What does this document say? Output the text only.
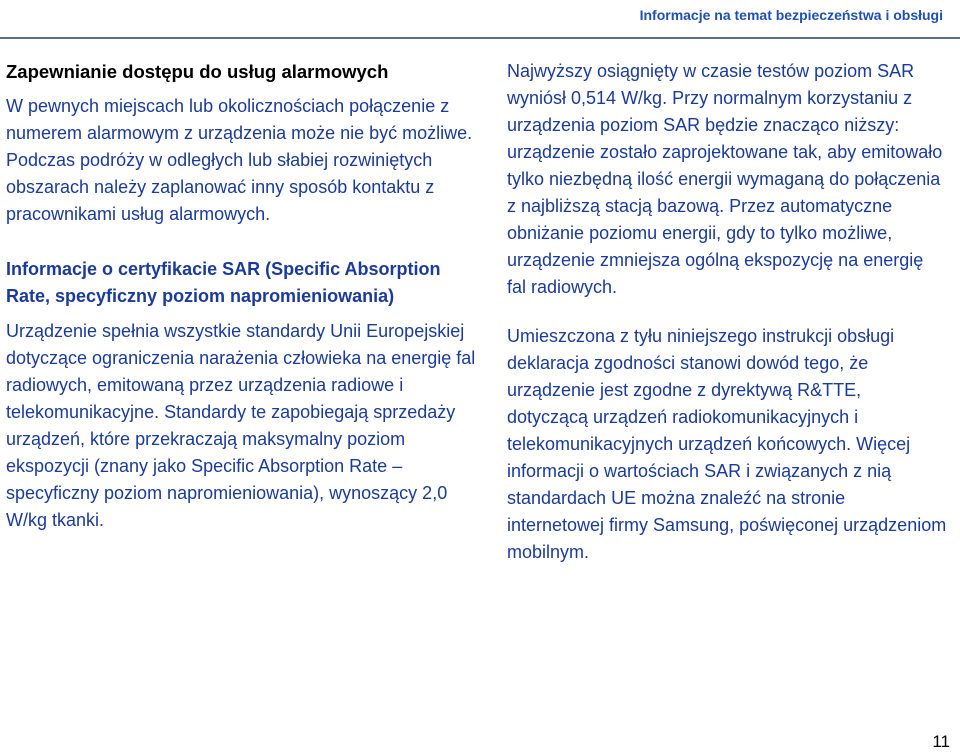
Informacje na temat bezpieczeństwa i obsługi
Zapewnianie dostępu do usług alarmowych

W pewnych miejscach lub okolicznościach połączenie z numerem alarmowym z urządzenia może nie być możliwe. Podczas podróży w odległych lub słabiej rozwiniętych obszarach należy zaplanować inny sposób kontaktu z pracownikami usług alarmowych.

Informacje o certyfikacie SAR (Specific Absorption Rate, specyficzny poziom napromieniowania)

Urządzenie spełnia wszystkie standardy Unii Europejskiej dotyczące ograniczenia narażenia człowieka na energię fal radiowych, emitowaną przez urządzenia radiowe i telekomunikacyjne. Standardy te zapobiegają sprzedaży urządzeń, które przekraczają maksymalny poziom ekspozycji (znany jako Specific Absorption Rate – specyficzny poziom napromieniowania), wynoszący 2,0 W/kg tkanki.

Najwyższy osiągnięty w czasie testów poziom SAR wyniósł 0,514 W/kg. Przy normalnym korzystaniu z urządzenia poziom SAR będzie znacząco niższy: urządzenie zostało zaprojektowane tak, aby emitowało tylko niezbędną ilość energii wymaganą do połączenia z najbliższą stacją bazową. Przez automatyczne obniżanie poziomu energii, gdy to tylko możliwe, urządzenie zmniejsza ogólną ekspozycję na energię fal radiowych.

Umieszczona z tyłu niniejszego instrukcji obsługi deklaracja zgodności stanowi dowód tego, że urządzenie jest zgodne z dyrektywą R&TTE, dotyczącą urządzeń radiokomunikacyjnych i telekomunikacyjnych urządzeń końcowych. Więcej informacji o wartościach SAR i związanych z nią standardach UE można znaleźć na stronie internetowej firmy Samsung, poświęconej urządzeniom mobilnym.

11
